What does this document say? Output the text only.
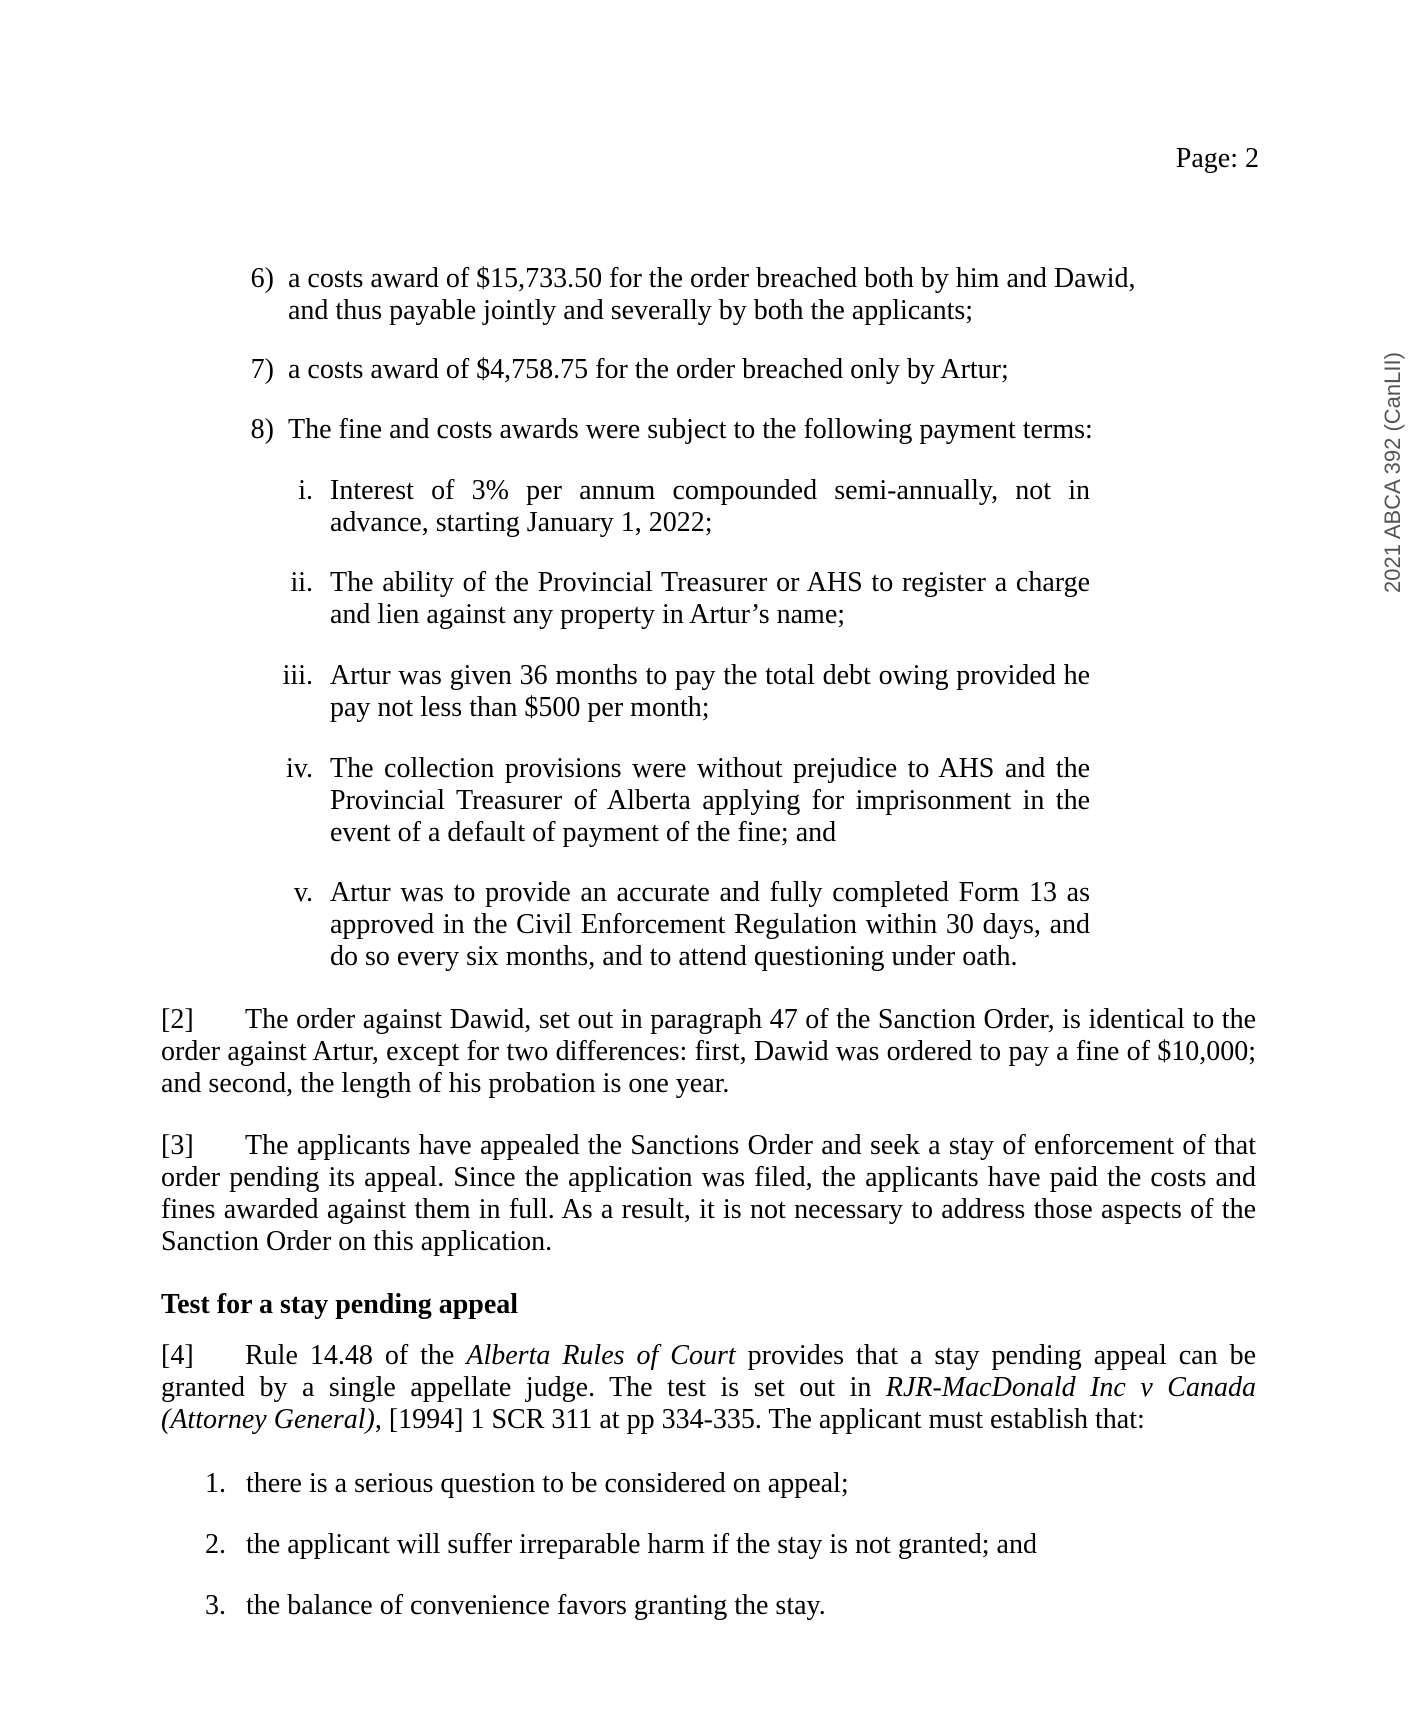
Page: 2
2021 ABCA 392 (CanLII)
6) a costs award of $15,733.50 for the order breached both by him and Dawid, and thus payable jointly and severally by both the applicants;
7) a costs award of $4,758.75 for the order breached only by Artur;
8) The fine and costs awards were subject to the following payment terms:
i. Interest of 3% per annum compounded semi-annually, not in advance, starting January 1, 2022;
ii. The ability of the Provincial Treasurer or AHS to register a charge and lien against any property in Artur’s name;
iii. Artur was given 36 months to pay the total debt owing provided he pay not less than $500 per month;
iv. The collection provisions were without prejudice to AHS and the Provincial Treasurer of Alberta applying for imprisonment in the event of a default of payment of the fine; and
v. Artur was to provide an accurate and fully completed Form 13 as approved in the Civil Enforcement Regulation within 30 days, and do so every six months, and to attend questioning under oath.
[2] The order against Dawid, set out in paragraph 47 of the Sanction Order, is identical to the order against Artur, except for two differences: first, Dawid was ordered to pay a fine of $10,000; and second, the length of his probation is one year.
[3] The applicants have appealed the Sanctions Order and seek a stay of enforcement of that order pending its appeal. Since the application was filed, the applicants have paid the costs and fines awarded against them in full. As a result, it is not necessary to address those aspects of the Sanction Order on this application.
Test for a stay pending appeal
[4] Rule 14.48 of the Alberta Rules of Court provides that a stay pending appeal can be granted by a single appellate judge. The test is set out in RJR-MacDonald Inc v Canada (Attorney General), [1994] 1 SCR 311 at pp 334-335. The applicant must establish that:
1. there is a serious question to be considered on appeal;
2. the applicant will suffer irreparable harm if the stay is not granted; and
3. the balance of convenience favors granting the stay.
